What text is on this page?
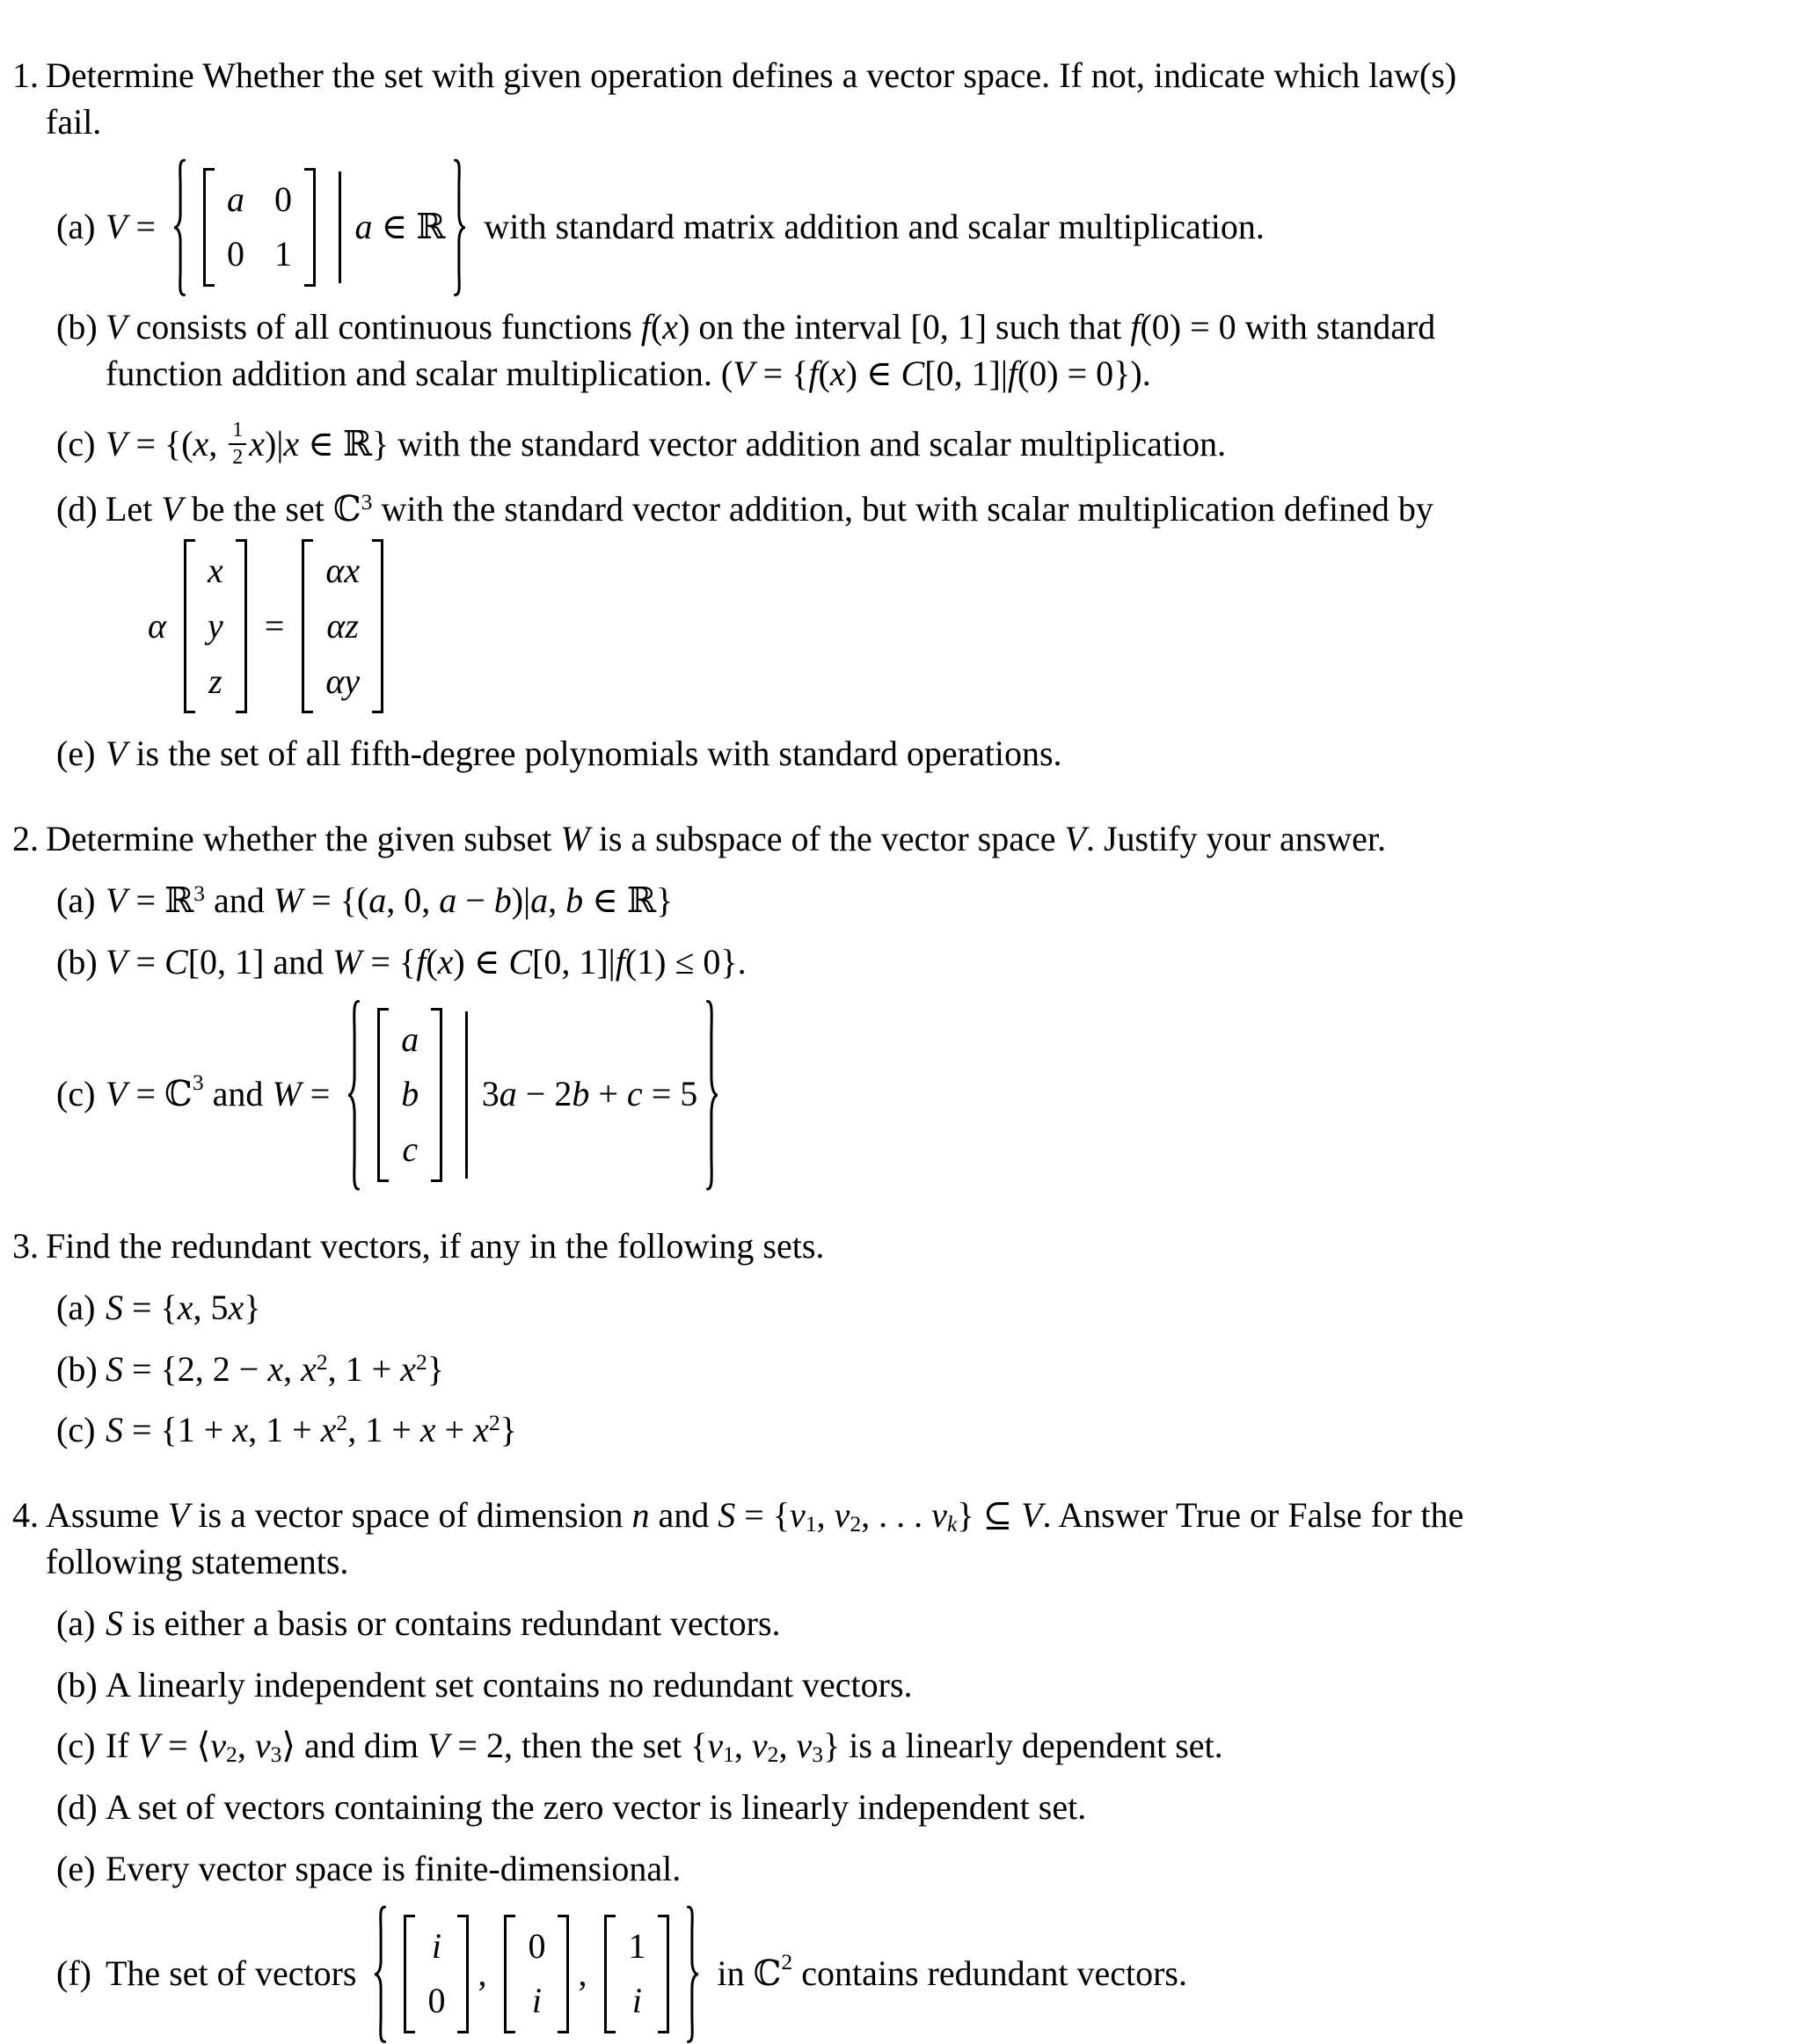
1. Determine Whether the set with given operation defines a vector space. If not, indicate which law(s)
fail.
(a) V =
a 0
0 1
a ∈ ℝ with standard matrix addition and scalar multiplication.
(b) V consists of all continuous functions f(x) on the interval [0, 1] such that f(0) = 0 with standard
function addition and scalar multiplication. (V = {f(x) ∈ C[0, 1]|f(0) = 0}).
(c) V = {( x , $\frac{1}{2}$ x )| x ∈ ℝ } with the standard vector addition and scalar multiplication.
(d) Let V be the set ℂ$^3$ with the standard vector addition, but with scalar multiplication defined by
α

x
y
z
=
αx
αz
αy
(e) V is the set of all fifth-degree polynomials with standard operations.
2. Determine whether the given subset W is a subspace of the vector space V. Justify your answer.
(a) V = ℝ$^3$ and W = {(a, 0, a − b)|a, b ∈ ℝ}
(b) V = C[0, 1] and W = {f(x) ∈ C[0, 1]|f(1) ≤ 0}.
(c) V = ℂ$^3$ and W =
a
b
c
3 a − 2 b + c = 5
3. Find the redundant vectors, if any in the following sets.
(a) S = {x, 5x}
(b) S = {2, 2 − x, $x^2$, $1 + x^2$}
(c) S = {1 + x, $1 + x^2$, $1 + x + x^2$}
4. Assume V is a vector space of dimension n and $S = \{v_1$, $v_2$, . . . $v_k$} ⊆ V. Answer True or False for the
following statements.
(a) S is either a basis or contains redundant vectors.
(b) A linearly independent set contains no redundant vectors.
(c) If $V = ⟨v_2$, $v_3⟩$ and dim V = 2, then the set {$v_1$, $v_2$, $v_3$} is a linearly dependent set.
(d) A set of vectors containing the zero vector is linearly independent set.
(e) Every vector space is finite-dimensional.
(f) The set of vectors
i
0
,
0
i
,
1
i
in ℂ$^2$ contains redundant vectors.
